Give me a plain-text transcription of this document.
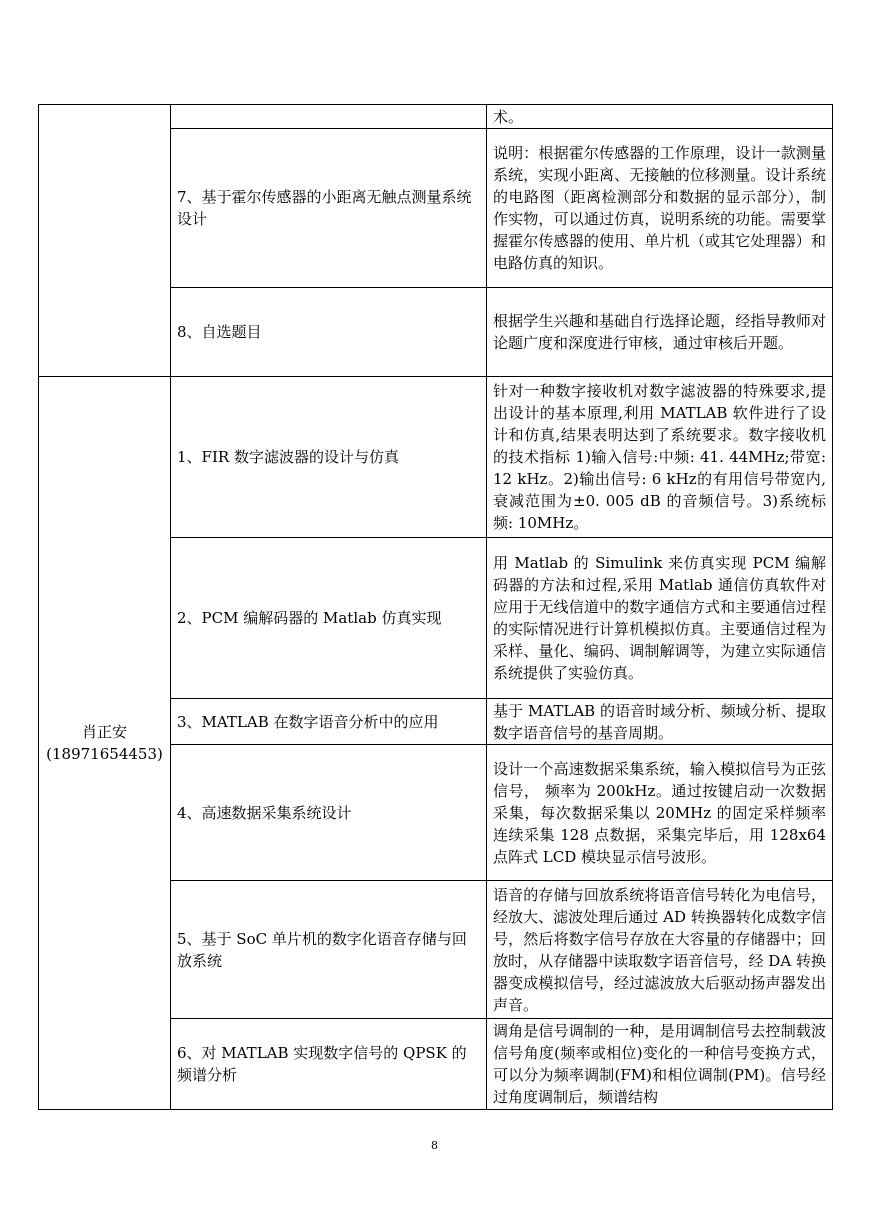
		术。
	7、基于霍尔传感器的小距离无触点测量系统设计	说明：根据霍尔传感器的工作原理，设计一款测量系统，实现小距离、无接触的位移测量。设计系统的电路图（距离检测部分和数据的显示部分），制作实物，可以通过仿真，说明系统的功能。需要掌握霍尔传感器的使用、单片机（或其它处理器）和电路仿真的知识。
	8、自选题目	根据学生兴趣和基础自行选择论题，经指导教师对论题广度和深度进行审核，通过审核后开题。

肖正安
(18971654453)	1、FIR 数字滤波器的设计与仿真	针对一种数字接收机对数字滤波器的特殊要求,提出设计的基本原理,利用 MATLAB 软件进行了设计和仿真,结果表明达到了系统要求。数字接收机的技术指标 1)输入信号:中频: 41. 44MHz;带宽: 12 kHz。2)输出信号: 6 kHz的有用信号带宽内,衰减范围为±0. 005 dB 的音频信号。3)系统标频: 10MHz。
	2、PCM 编解码器的 Matlab 仿真实现	用 Matlab 的 Simulink 来仿真实现 PCM 编解码器的方法和过程,采用 Matlab 通信仿真软件对应用于无线信道中的数字通信方式和主要通信过程的实际情况进行计算机模拟仿真。主要通信过程为采样、量化、编码、调制解调等，为建立实际通信系统提供了实验仿真。
	3、MATLAB 在数字语音分析中的应用	基于 MATLAB 的语音时域分析、频域分析、提取数字语音信号的基音周期。
	4、高速数据采集系统设计	设计一个高速数据采集系统，输入模拟信号为正弦信号， 频率为 200kHz。通过按键启动一次数据采集，每次数据采集以 20MHz 的固定采样频率连续采集 128 点数据，采集完毕后，用 128x64 点阵式 LCD 模块显示信号波形。
	5、基于 SoC 单片机的数字化语音存储与回放系统	语音的存储与回放系统将语音信号转化为电信号，经放大、滤波处理后通过 AD 转换器转化成数字信号，然后将数字信号存放在大容量的存储器中；回放时，从存储器中读取数字语音信号，经 DA 转换器变成模拟信号，经过滤波放大后驱动扬声器发出声音。
	6、对 MATLAB 实现数字信号的 QPSK 的频谱分析	调角是信号调制的一种，是用调制信号去控制载波信号角度(频率或相位)变化的一种信号变换方式，可以分为频率调制(FM)和相位调制(PM)。信号经过角度调制后，频谱结构
8
